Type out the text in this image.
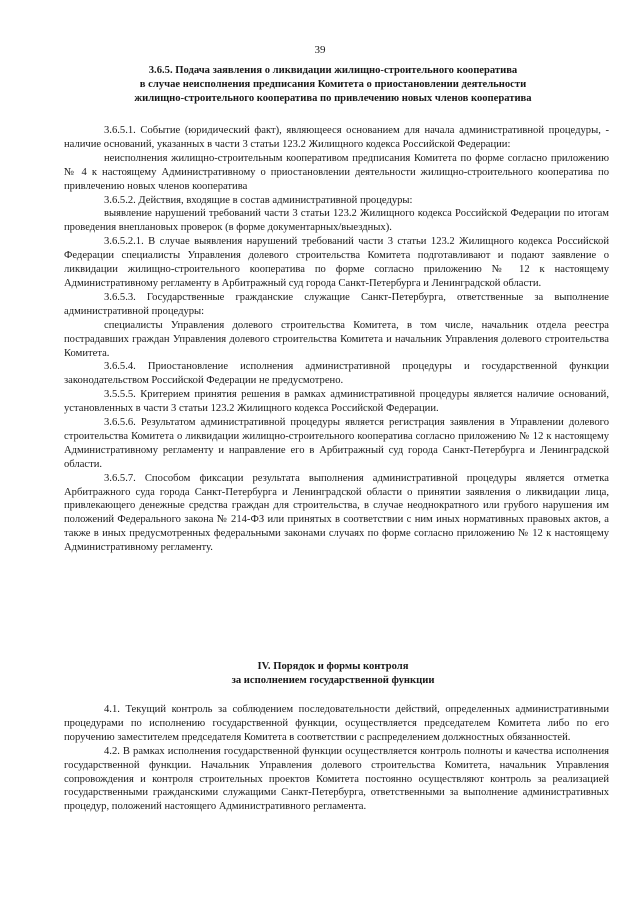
39
3.6.5. Подача заявления о ликвидации жилищно-строительного кооператива
в случае неисполнения предписания Комитета о приостановлении деятельности
жилищно-строительного кооператива по привлечению новых членов кооператива

3.6.5.1. Событие (юридический факт), являющееся основанием для начала административной процедуры, - наличие оснований, указанных в части 3 статьи 123.2 Жилищного кодекса Российской Федерации:

неисполнения жилищно-строительным кооперативом предписания Комитета по форме согласно приложению № 4 к настоящему Административному о приостановлении деятельности жилищно-строительного кооператива по привлечению новых членов кооператива

3.6.5.2. Действия, входящие в состав административной процедуры:

выявление нарушений требований части 3 статьи 123.2 Жилищного кодекса Российской Федерации по итогам проведения внеплановых проверок (в форме документарных/выездных).

3.6.5.2.1. В случае выявления нарушений требований части 3 статьи 123.2 Жилищного кодекса Российской Федерации специалисты Управления долевого строительства Комитета подготавливают и подают заявление о ликвидации жилищно-строительного кооператива по форме согласно приложению № 12 к настоящему Административному регламенту в Арбитражный суд города Санкт-Петербурга и Ленинградской области.

3.6.5.3. Государственные гражданские служащие Санкт-Петербурга, ответственные за выполнение административной процедуры:

специалисты Управления долевого строительства Комитета, в том числе, начальник отдела реестра пострадавших граждан Управления долевого строительства Комитета и начальник Управления долевого строительства Комитета.

3.6.5.4. Приостановление исполнения административной процедуры и государственной функции законодательством Российской Федерации не предусмотрено.

3.5.5.5. Критерием принятия решения в рамках административной процедуры является наличие оснований, установленных в части 3 статьи 123.2 Жилищного кодекса Российской Федерации.

3.6.5.6. Результатом административной процедуры является регистрация заявления в Управлении долевого строительства Комитета о ликвидации жилищно-строительного кооператива согласно приложению № 12 к настоящему Административному регламенту и направление его в Арбитражный суд города Санкт-Петербурга и Ленинградской области.

3.6.5.7. Способом фиксации результата выполнения административной процедуры является отметка Арбитражного суда города Санкт-Петербурга и Ленинградской области о принятии заявления о ликвидации лица, привлекающего денежные средства граждан для строительства, в случае неоднократного или грубого нарушения им положений Федерального закона № 214-ФЗ или принятых в соответствии с ним иных нормативных правовых актов, а также в иных предусмотренных федеральными законами случаях по форме согласно приложению № 12 к настоящему Административному регламенту.

IV. Порядок и формы контроля
за исполнением государственной функции

4.1. Текущий контроль за соблюдением последовательности действий, определенных административными процедурами по исполнению государственной функции, осуществляется председателем Комитета либо по его поручению заместителем председателя Комитета в соответствии с распределением должностных обязанностей.

4.2. В рамках исполнения государственной функции осуществляется контроль полноты и качества исполнения государственной функции. Начальник Управления долевого строительства Комитета, начальник Управления сопровождения и контроля строительных проектов Комитета постоянно осуществляют контроль за реализацией государственными гражданскими служащими Санкт-Петербурга, ответственными за выполнение административных процедур, положений настоящего Административного регламента.
